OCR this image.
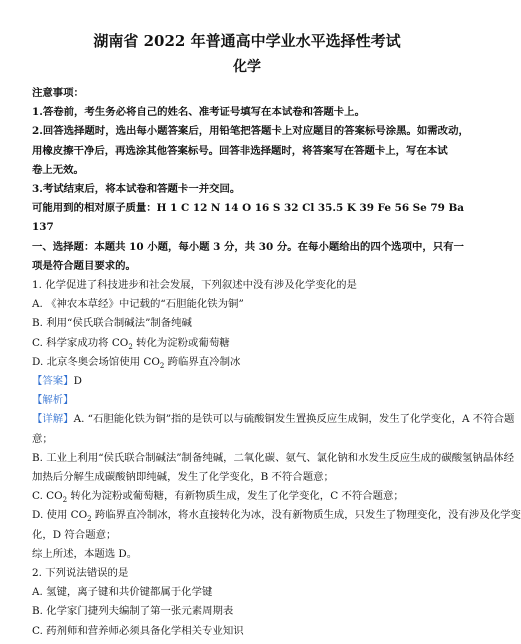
湖南省 2022 年普通高中学业水平选择性考试

化学

注意事项：

1.答卷前，考生务必将自己的姓名、准考证号填写在本试卷和答题卡上。

2.回答选择题时，选出每小题答案后，用铅笔把答题卡上对应题目的答案标号涂黑。如需改动，

用橡皮擦干净后，再选涂其他答案标号。回答非选择题时，将答案写在答题卡上，写在本试

卷上无效。

3.考试结束后，将本试卷和答题卡一并交回。

可能用到的相对原子质量：H 1 C 12 N 14 O 16 S 32 Cl 35.5 K 39 Fe 56 Se 79 Ba

137

一、选择题：本题共 10 小题，每小题 3 分，共 30 分。在每小题给出的四个选项中，只有一

项是符合题目要求的。

1. 化学促进了科技进步和社会发展，下列叙述中没有涉及化学变化的是

A. 《神农本草经》中记载的“石胆能化铁为铜”

B. 利用“侯氏联合制碱法”制备纯碱

C. 科学家成功将 $CO_2$ 转化为淀粉或葡萄糖

D. 北京冬奥会场馆使用 $CO_2$ 跨临界直冷制冰

【答案】D

【解析】

【详解】A. “石胆能化铁为铜”指的是铁可以与硫酸铜发生置换反应生成铜，发生了化学变化，A 不符合题

意；

B. 工业上利用“侯氏联合制碱法”制备纯碱，二氧化碳、氨气、氯化钠和水发生反应生成的碳酸氢钠晶体经

加热后分解生成碳酸钠即纯碱，发生了化学变化，B 不符合题意；

C. $CO_2$ 转化为淀粉或葡萄糖，有新物质生成，发生了化学变化，C 不符合题意；

D. 使用 $CO_2$ 跨临界直冷制冰，将水直接转化为冰，没有新物质生成，只发生了物理变化，没有涉及化学变

化，D 符合题意；

综上所述，本题选 D。

2. 下列说法错误的是

A. 氢键，离子键和共价键都属于化学键

B. 化学家门捷列夫编制了第一张元素周期表

C. 药剂师和营养师必须具备化学相关专业知识
